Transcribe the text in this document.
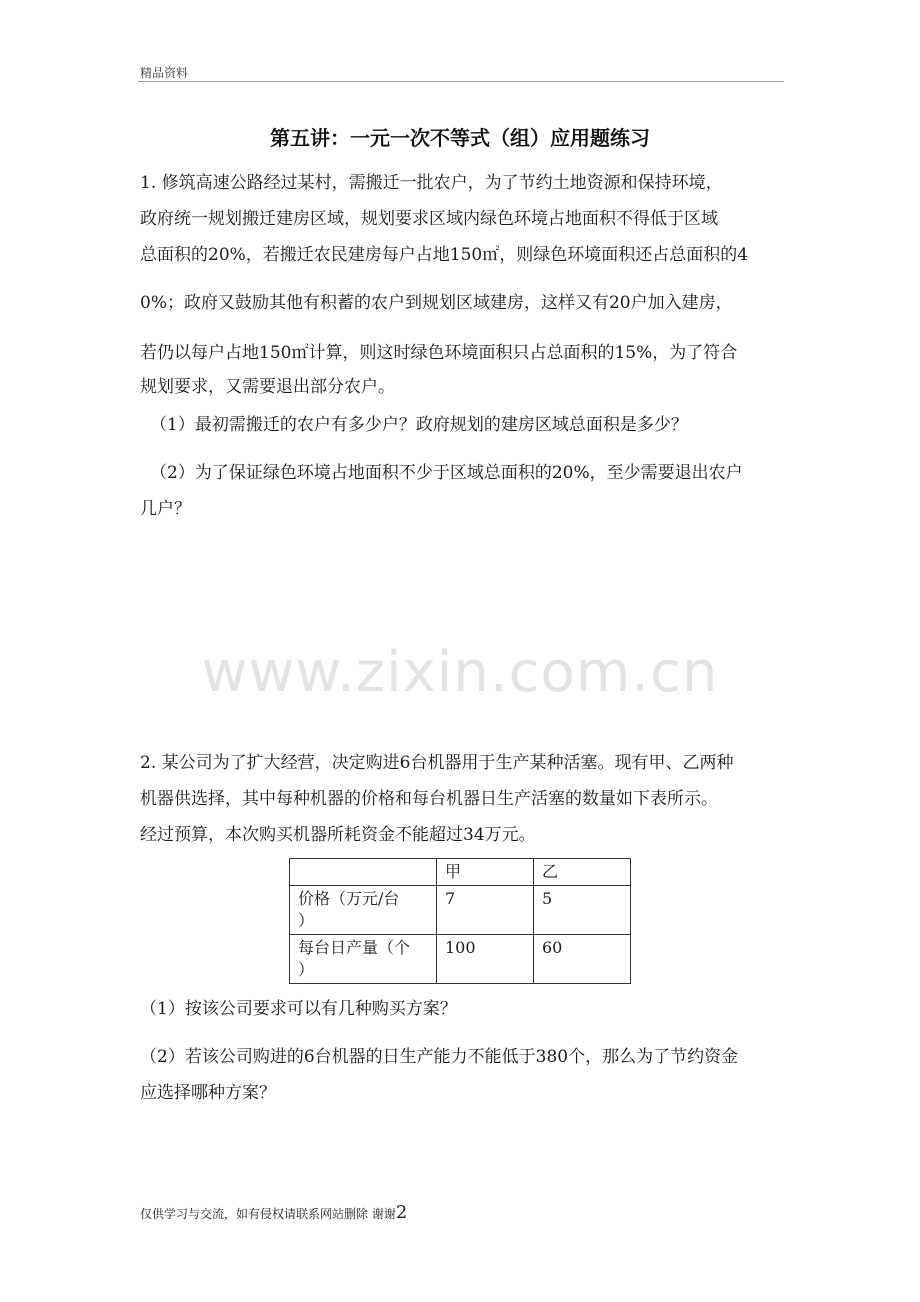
精品资料
第五讲：一元一次不等式（组）应用题练习
1. 修筑高速公路经过某村，需搬迁一批农户，为了节约土地资源和保持环境，
政府统一规划搬迁建房区域，规划要求区域内绿色环境占地面积不得低于区域
总面积的20%，若搬迁农民建房每户占地150㎡，则绿色环境面积还占总面积的4
0%；政府又鼓励其他有积蓄的农户到规划区域建房，这样又有20户加入建房，
若仍以每户占地150㎡计算，则这时绿色环境面积只占总面积的15%，为了符合
规划要求，又需要退出部分农户。
（1）最初需搬迁的农户有多少户？政府规划的建房区域总面积是多少？
（2）为了保证绿色环境占地面积不少于区域总面积的20%，至少需要退出农户
几户？
www.zixin.com.cn
2. 某公司为了扩大经营，决定购进6台机器用于生产某种活塞。现有甲、乙两种
机器供选择，其中每种机器的价格和每台机器日生产活塞的数量如下表所示。
经过预算，本次购买机器所耗资金不能超过34万元。
	甲	乙

价格（万元/台
）	7	5

每台日产量（个
）	100	60
（1）按该公司要求可以有几种购买方案？
（2）若该公司购进的6台机器的日生产能力不能低于380个，那么为了节约资金
应选择哪种方案？
仅供学习与交流，如有侵权请联系网站删除 谢谢2
